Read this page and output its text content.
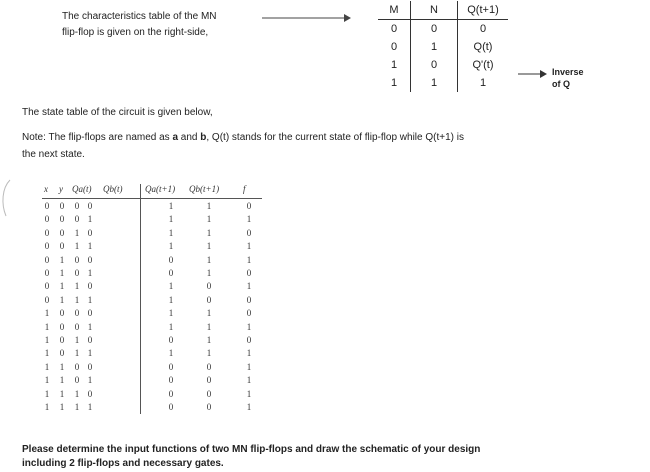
The characteristics table of the MN
flip-flop is given on the right-side,
M	N	Q(t+1)
0	0	0
0	1	Q(t)
1	0	Q'(t)
1	1	1
Inverse
of Q
The state table of the circuit is given below,
Note: The flip-flops are named as a and b, Q(t) stands for the current state of flip-flop while Q(t+1) is
the next state.
x y Qa(t) Qb(t)	Qa(t+1) Qb(t+1)	f
0	0	0 0	1	1	0
0	0	0 1	1	1	1
0	0	1 0	1	1	0
0	0	1 1	1	1	1
0	1	0 0	0	1	1
0	1	0 1	0	1	0
0	1	1 0	1	0	1
0	1	1 1	1	0	0
1	0	0 0	1	1	0
1	0	0 1	1	1	1
1	0	1 0	0	1	0
1	0	1 1	1	1	1
1	1	0 0	0	0	1
1	1	0 1	0	0	1
1	1	1 0	0	0	1
1	1	1 1	0	0	1
Please determine the input functions of two MN flip-flops and draw the schematic of your design
including 2 flip-flops and necessary gates.
